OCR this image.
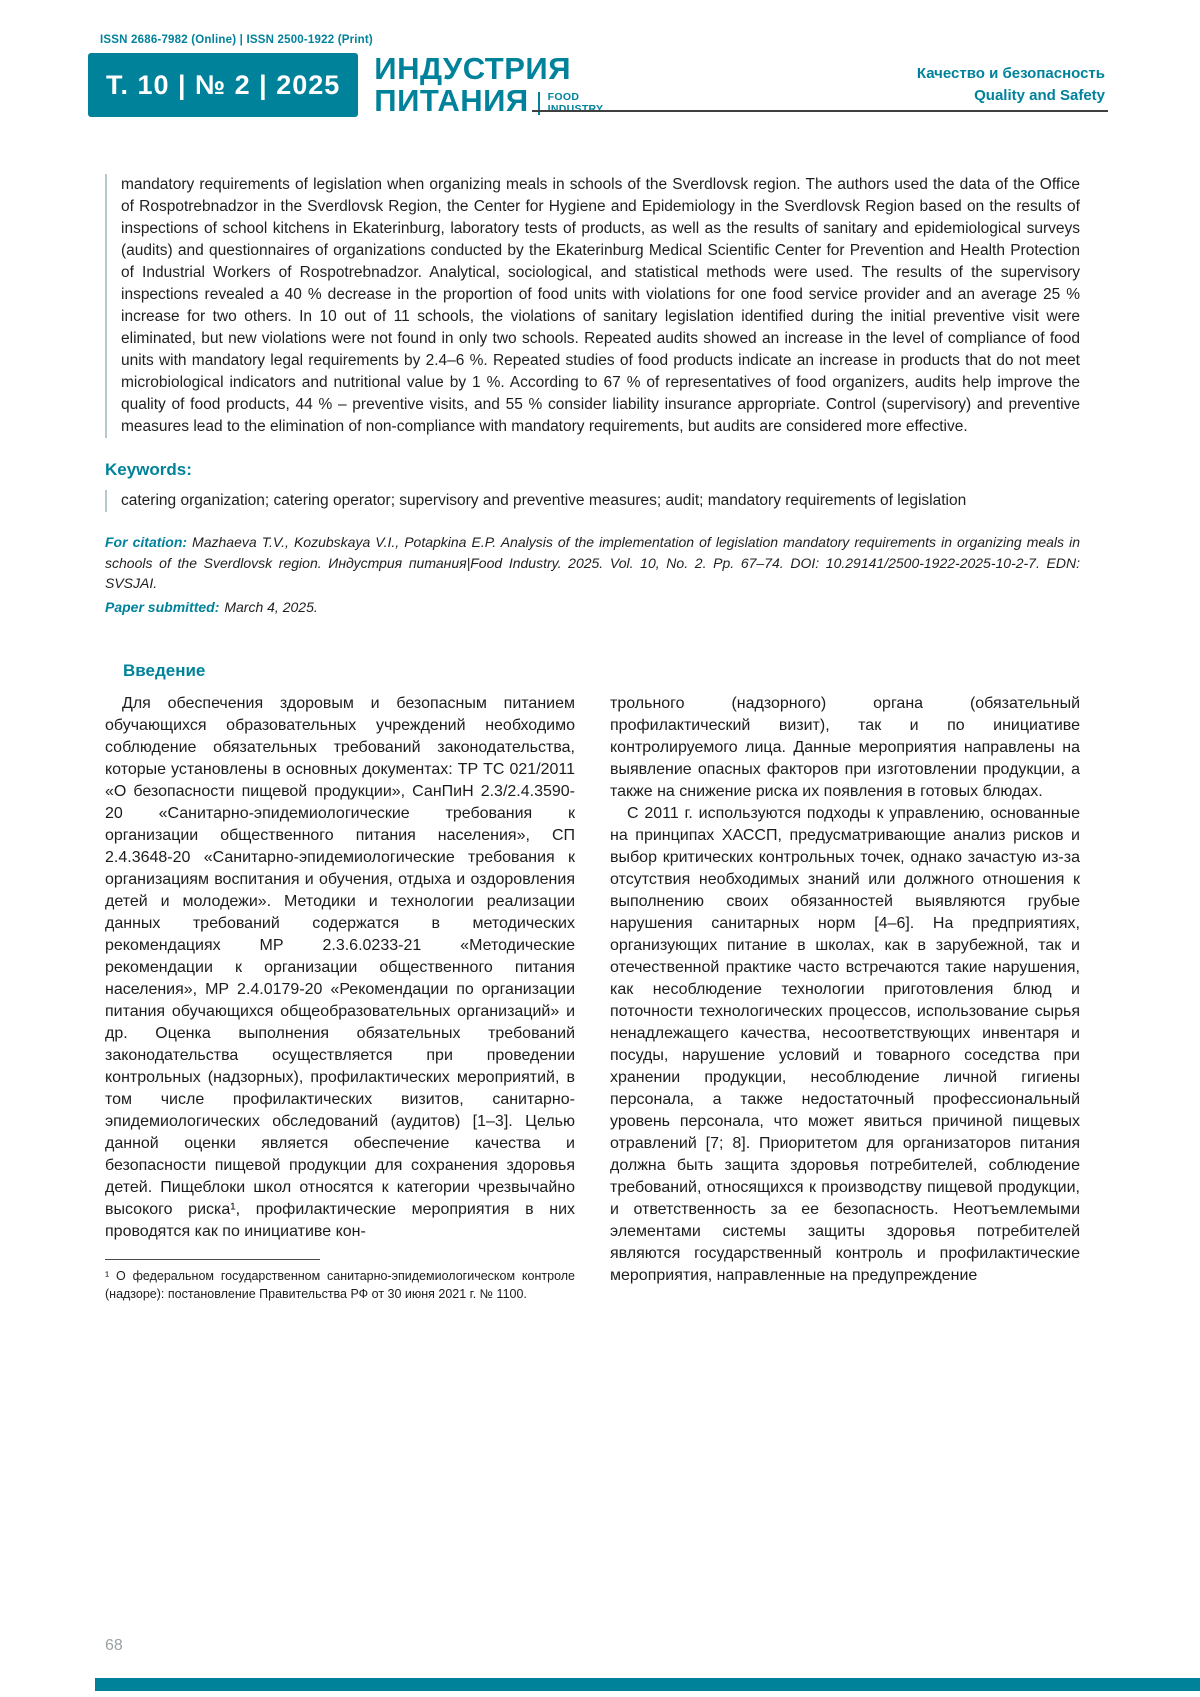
ISSN 2686-7982 (Online) | ISSN 2500-1922 (Print)
Т. 10 | № 2 | 2025	ИНДУСТРИЯ
ПИТАНИЯ FOOD
INDUSTRY
Качество и безопасность
Quality and Safety
mandatory requirements of legislation when organizing meals in schools of the Sverdlovsk region. The authors used the data of the Office of Rospotrebnadzor in the Sverdlovsk Region, the Center for Hygiene and Epidemiology in the Sverdlovsk Region based on the results of inspections of school kitchens in Ekaterinburg, laboratory tests of products, as well as the results of sanitary and epidemiological surveys (audits) and questionnaires of organizations conducted by the Ekaterinburg Medical Scientific Center for Prevention and Health Protection of Industrial Workers of Rospotrebnadzor. Analytical, sociological, and statistical methods were used. The results of the supervisory inspections revealed a 40 % decrease in the proportion of food units with violations for one food service provider and an average 25 % increase for two others. In 10 out of 11 schools, the violations of sanitary legislation identified during the initial preventive visit were eliminated, but new violations were not found in only two schools. Repeated audits showed an increase in the level of compliance of food units with mandatory legal requirements by 2.4–6 %. Repeated studies of food products indicate an increase in products that do not meet microbiological indicators and nutritional value by 1 %. According to 67 % of representatives of food organizers, audits help improve the quality of food products, 44 % – preventive visits, and 55 % consider liability insurance appropriate. Control (supervisory) and preventive measures lead to the elimination of non-compliance with mandatory requirements, but audits are considered more effective.
Keywords:
catering organization; catering operator; supervisory and preventive measures; audit; mandatory requirements of legislation

For citation: Mazhaeva T.V., Kozubskaya V.I., Potapkina E.P. Analysis of the implementation of legislation mandatory requirements in organizing meals in schools of the Sverdlovsk region. Индустрия питания|Food Industry. 2025. Vol. 10, No. 2. Pp. 67–74. DOI: 10.29141/2500-1922-2025-10-2-7. EDN: SVSJAI.

Paper submitted: March 4, 2025.

Введение

Для обеспечения здоровым и безопасным питанием обучающихся образовательных учреждений необходимо соблюдение обязательных требований законодательства, которые установлены в основных документах: ТР ТС 021/2011 «О безопасности пищевой продукции», СанПиН 2.3/2.4.3590-20 «Санитарно-эпидемиологические требования к организации общественного питания населения», СП 2.4.3648-20 «Санитарно-эпидемиологические требования к организациям воспитания и обучения, отдыха и оздоровления детей и молодежи». Методики и технологии реализации данных требований содержатся в методических рекомендациях МР 2.3.6.0233-21 «Методические рекомендации к организации общественного питания населения», МР 2.4.0179-20 «Рекомендации по организации питания обучающихся общеобразовательных организаций» и др. Оценка выполнения обязательных требований законодательства осуществляется при проведении контрольных (надзорных), профилактических мероприятий, в том числе профилактических визитов, санитарно-эпидемиологических обследований (аудитов) [1–3]. Целью данной оценки является обеспечение качества и безопасности пищевой продукции для сохранения здоровья детей. Пищеблоки школ относятся к категории чрезвычайно высокого риска¹, профилактические мероприятия в них проводятся как по инициативе кон-

¹ О федеральном государственном санитарно-эпидемиологическом контроле (надзоре): постановление Правительства РФ от 30 июня 2021 г. № 1100.

трольного (надзорного) органа (обязательный профилактический визит), так и по инициативе контролируемого лица. Данные мероприятия направлены на выявление опасных факторов при изготовлении продукции, а также на снижение риска их появления в готовых блюдах.

С 2011 г. используются подходы к управлению, основанные на принципах ХАССП, предусматривающие анализ рисков и выбор критических контрольных точек, однако зачастую из-за отсутствия необходимых знаний или должного отношения к выполнению своих обязанностей выявляются грубые нарушения санитарных норм [4–6]. На предприятиях, организующих питание в школах, как в зарубежной, так и отечественной практике часто встречаются такие нарушения, как несоблюдение технологии приготовления блюд и поточности технологических процессов, использование сырья ненадлежащего качества, несоответствующих инвентаря и посуды, нарушение условий и товарного соседства при хранении продукции, несоблюдение личной гигиены персонала, а также недостаточный профессиональный уровень персонала, что может явиться причиной пищевых отравлений [7; 8]. Приоритетом для организаторов питания должна быть защита здоровья потребителей, соблюдение требований, относящихся к производству пищевой продукции, и ответственность за ее безопасность. Неотъемлемыми элементами системы защиты здоровья потребителей являются государственный контроль и профилактические мероприятия, направленные на предупреждение

68
